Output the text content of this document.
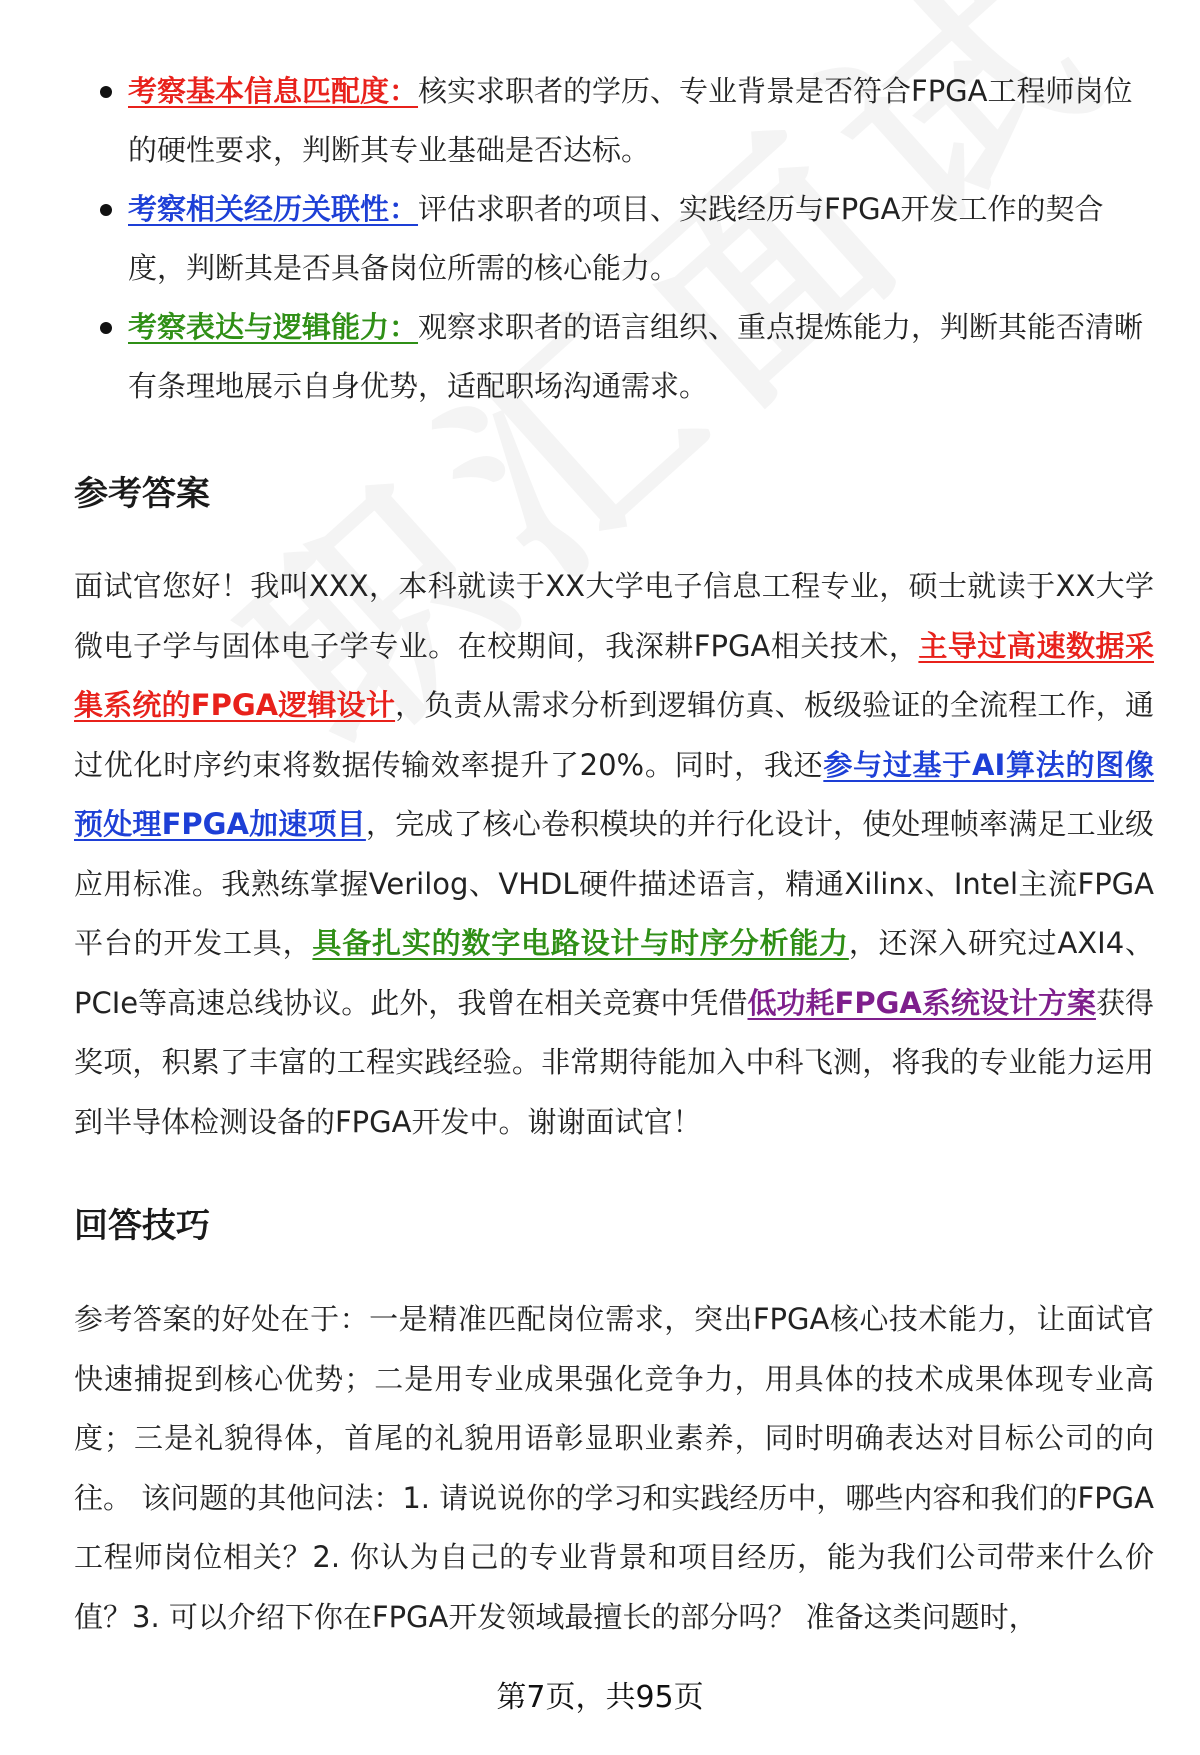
考察基本信息匹配度：核实求职者的学历、专业背景是否符合FPGA工程师岗位的硬性要求，判断其专业基础是否达标。
考察相关经历关联性：评估求职者的项目、实践经历与FPGA开发工作的契合度，判断其是否具备岗位所需的核心能力。
考察表达与逻辑能力：观察求职者的语言组织、重点提炼能力，判断其能否清晰有条理地展示自身优势，适配职场沟通需求。
参考答案

面试官您好！我叫XXX，本科就读于XX大学电子信息工程专业，硕士就读于XX大学微电子学与固体电子学专业。在校期间，我深耕FPGA相关技术，主导过高速数据采集系统的FPGA逻辑设计，负责从需求分析到逻辑仿真、板级验证的全流程工作，通过优化时序约束将数据传输效率提升了20%。同时，我还参与过基于AI算法的图像预处理FPGA加速项目，完成了核心卷积模块的并行化设计，使处理帧率满足工业级应用标准。我熟练掌握Verilog、VHDL硬件描述语言，精通Xilinx、Intel主流FPGA平台的开发工具，具备扎实的数字电路设计与时序分析能力，还深入研究过AXI4、PCIe等高速总线协议。此外，我曾在相关竞赛中凭借低功耗FPGA系统设计方案获得奖项，积累了丰富的工程实践经验。非常期待能加入中科飞测，将我的专业能力运用到半导体检测设备的FPGA开发中。谢谢面试官！

回答技巧

参考答案的好处在于：一是精准匹配岗位需求，突出FPGA核心技术能力，让面试官快速捕捉到核心优势；二是用专业成果强化竞争力，用具体的技术成果体现专业高度；三是礼貌得体，首尾的礼貌用语彰显职业素养，同时明确表达对目标公司的向往。 该问题的其他问法：1. 请说说你的学习和实践经历中，哪些内容和我们的FPGA工程师岗位相关？2. 你认为自己的专业背景和项目经历，能为我们公司带来什么价值？3. 可以介绍下你在FPGA开发领域最擅长的部分吗？ 准备这类问题时，

第7页，共95页
